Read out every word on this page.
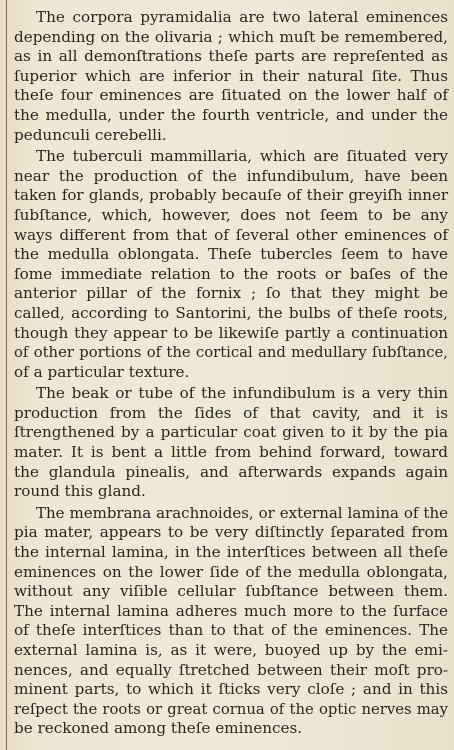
The corpora pyramidalia are two lateral eminences
depending on the olivaria ; which muſt be remembered,
as in all demonſtrations theſe parts are repreſented as
ſuperior which are inferior in their natural ſite. Thus
theſe four eminences are ſituated on the lower half of
the medulla, under the fourth ventricle, and under the
pedunculi cerebelli.
The tuberculi mammillaria, which are ſituated very
near the production of the infundibulum, have been
taken for glands, probably becauſe of their greyiſh inner
ſubſtance, which, however, does not ſeem to be any
ways different from that of ſeveral other eminences of
the medulla oblongata. Theſe tubercles ſeem to have
ſome immediate relation to the roots or baſes of the
anterior pillar of the fornix ; ſo that they might be
called, according to Santorini, the bulbs of theſe roots,
though they appear to be likewiſe partly a continuation
of other portions of the cortical and medullary ſubſtance,
of a particular texture.
The beak or tube of the infundibulum is a very thin
production from the ſides of that cavity, and it is
ſtrengthened by a particular coat given to it by the pia
mater. It is bent a little from behind forward, toward
the glandula pinealis, and afterwards expands again
round this gland.
The membrana arachnoides, or external lamina of the
pia mater, appears to be very diſtinctly ſeparated from
the internal lamina, in the interſtices between all theſe
eminences on the lower ſide of the medulla oblongata,
without any viſible cellular ſubſtance between them.
The internal lamina adheres much more to the ſurface
of theſe interſtices than to that of the eminences. The
external lamina is, as it were, buoyed up by the emi-
nences, and equally ſtretched between their moſt pro-
minent parts, to which it ſticks very cloſe ; and in this
reſpect the roots or great cornua of the optic nerves may
be reckoned among theſe eminences.
